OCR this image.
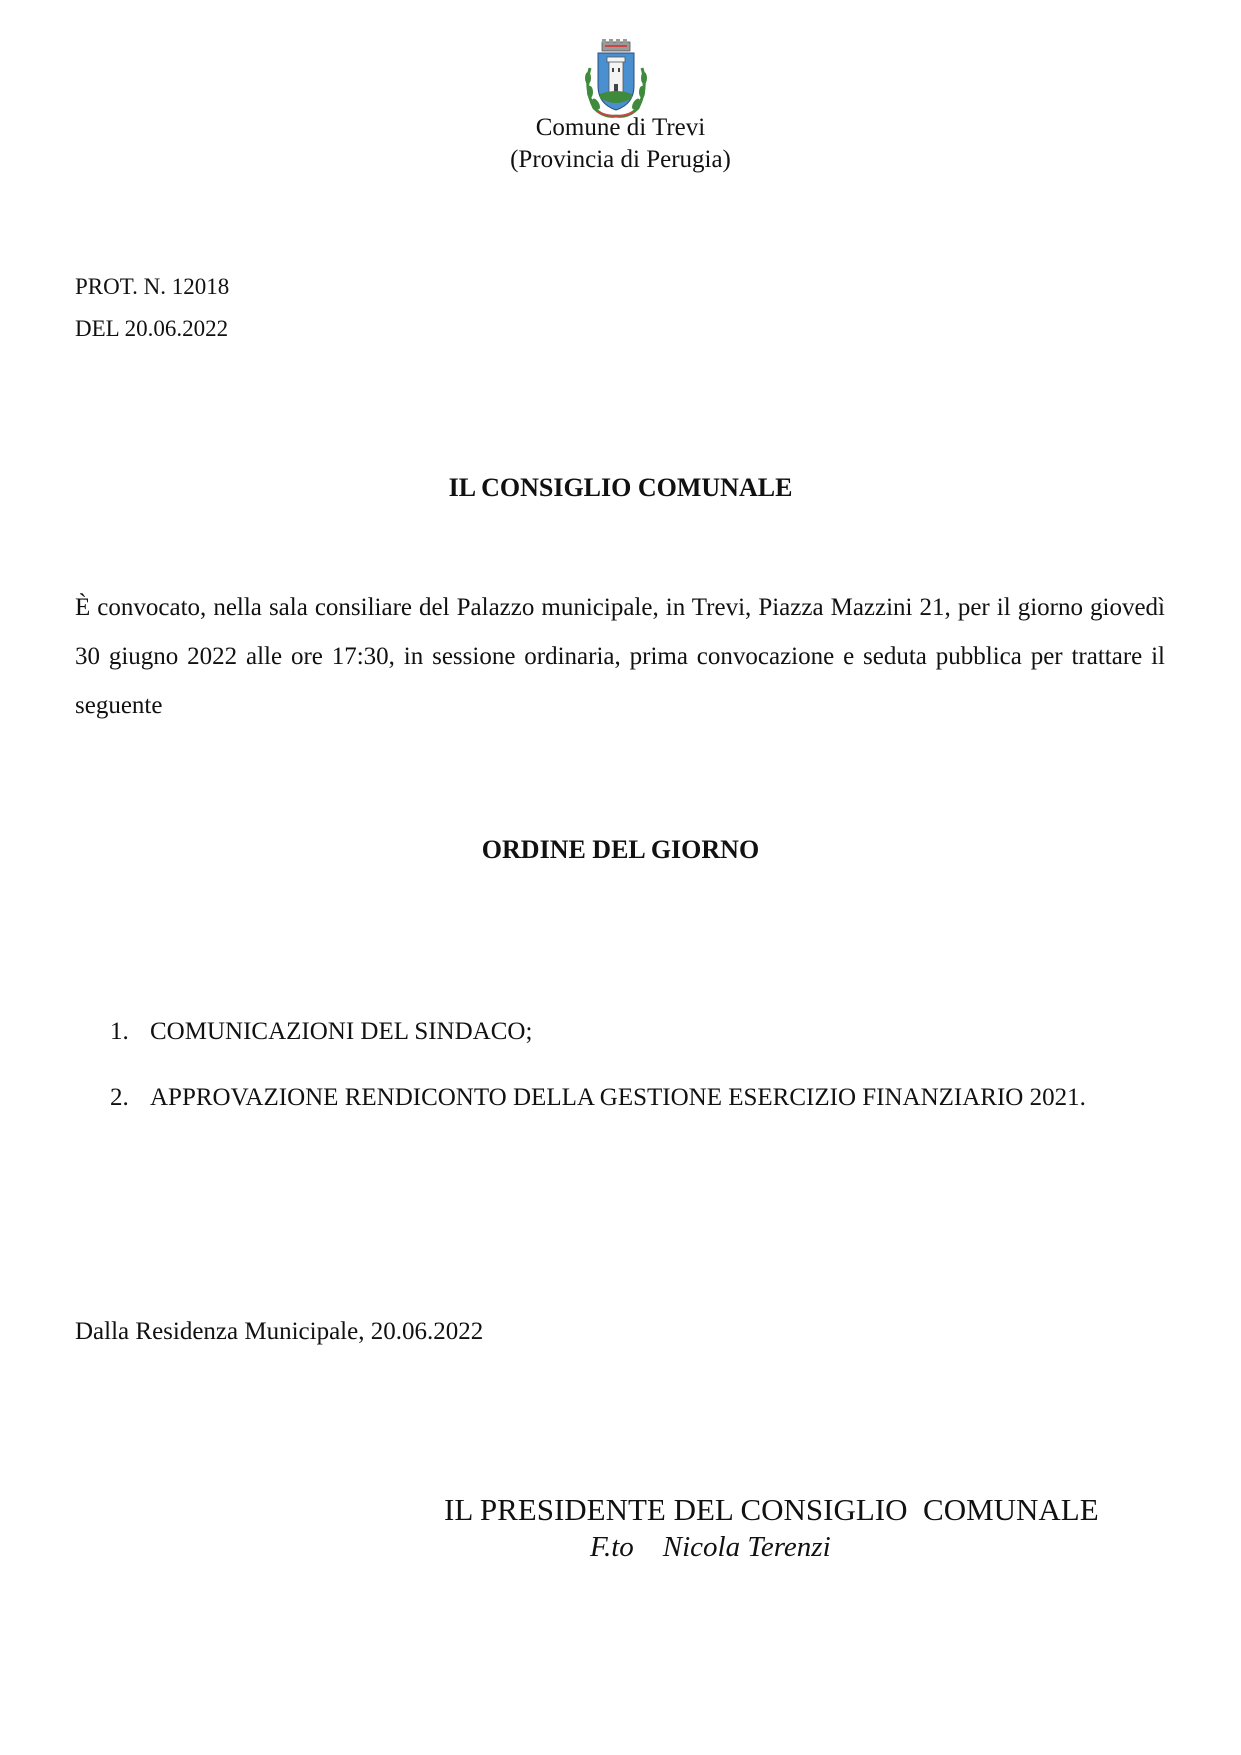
Comune di Trevi
(Provincia di Perugia)
PROT. N. 12018
DEL 20.06.2022
IL CONSIGLIO COMUNALE
È convocato, nella sala consiliare del Palazzo municipale, in Trevi, Piazza Mazzini 21, per il giorno giovedì 30 giugno 2022 alle ore 17:30, in sessione ordinaria, prima convocazione e seduta pubblica per trattare il seguente
ORDINE DEL GIORNO
1. COMUNICAZIONI DEL SINDACO;
2. APPROVAZIONE RENDICONTO DELLA GESTIONE ESERCIZIO FINANZIARIO 2021.
Dalla Residenza Municipale, 20.06.2022
IL PRESIDENTE DEL CONSIGLIO  COMUNALE
F.to    Nicola Terenzi
